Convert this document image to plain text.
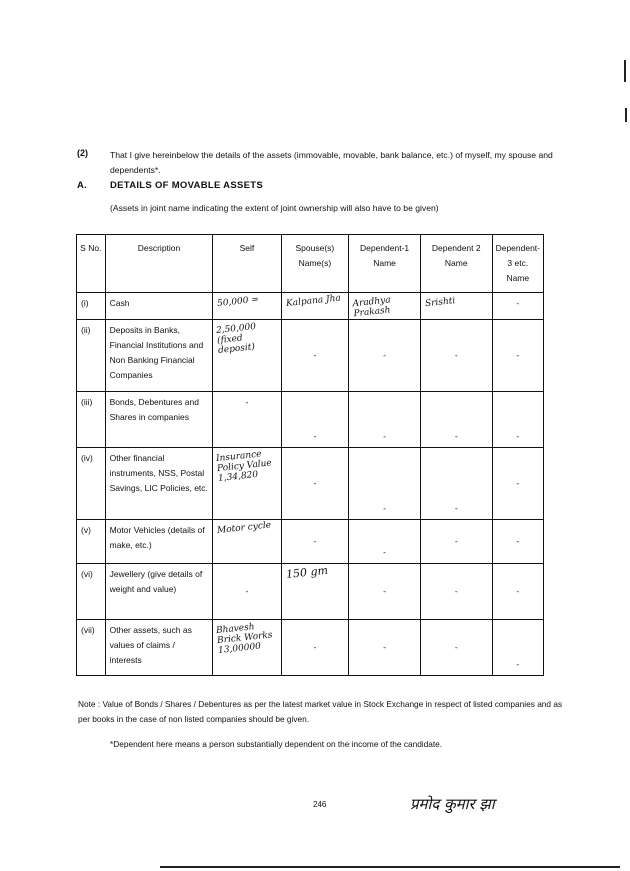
(2)	That I give hereinbelow the details of the assets (immovable, movable, bank balance, etc.) of myself, my spouse and dependents*.
A. DETAILS OF MOVABLE ASSETS
(Assets in joint name indicating the extent of joint ownership will also have to be given)
S No.	Description	Self	Spouse(s) Name(s)	Dependent-1 Name	Dependent 2 Name	Dependent-3 etc. Name
(i)	Cash	50,000 =	Kalpana Jha	Aradhya Prakash	Srishti	-

(ii)	Deposits in Banks, Financial Institutions and Non Banking Financial Companies	2,50,000 (fixed deposit)	-	-	-	-

(iii)	Bonds, Debentures and Shares in companies	-	-	-	-	-

(iv)	Other financial instruments, NSS, Postal Savings, LIC Policies, etc.	Insurance Policy Value 1,34,820	-	-	-	-

(v)	Motor Vehicles (details of make, etc.)	Motor cycle	-	-	-	-

(vi)	Jewellery (give details of weight and value)	-	150 gm	-	-	-

(vii)	Other assets, such as values of claims / interests	Bhavesh Brick Works 13,00000	-	-	-	-
Note : Value of Bonds / Shares / Debentures as per the latest market value in Stock Exchange in respect of listed companies and as per books in the case of non listed companies should be given.
*Dependent here means a person substantially dependent on the income of the candidate.
246	प्रमोद कुमार झा
